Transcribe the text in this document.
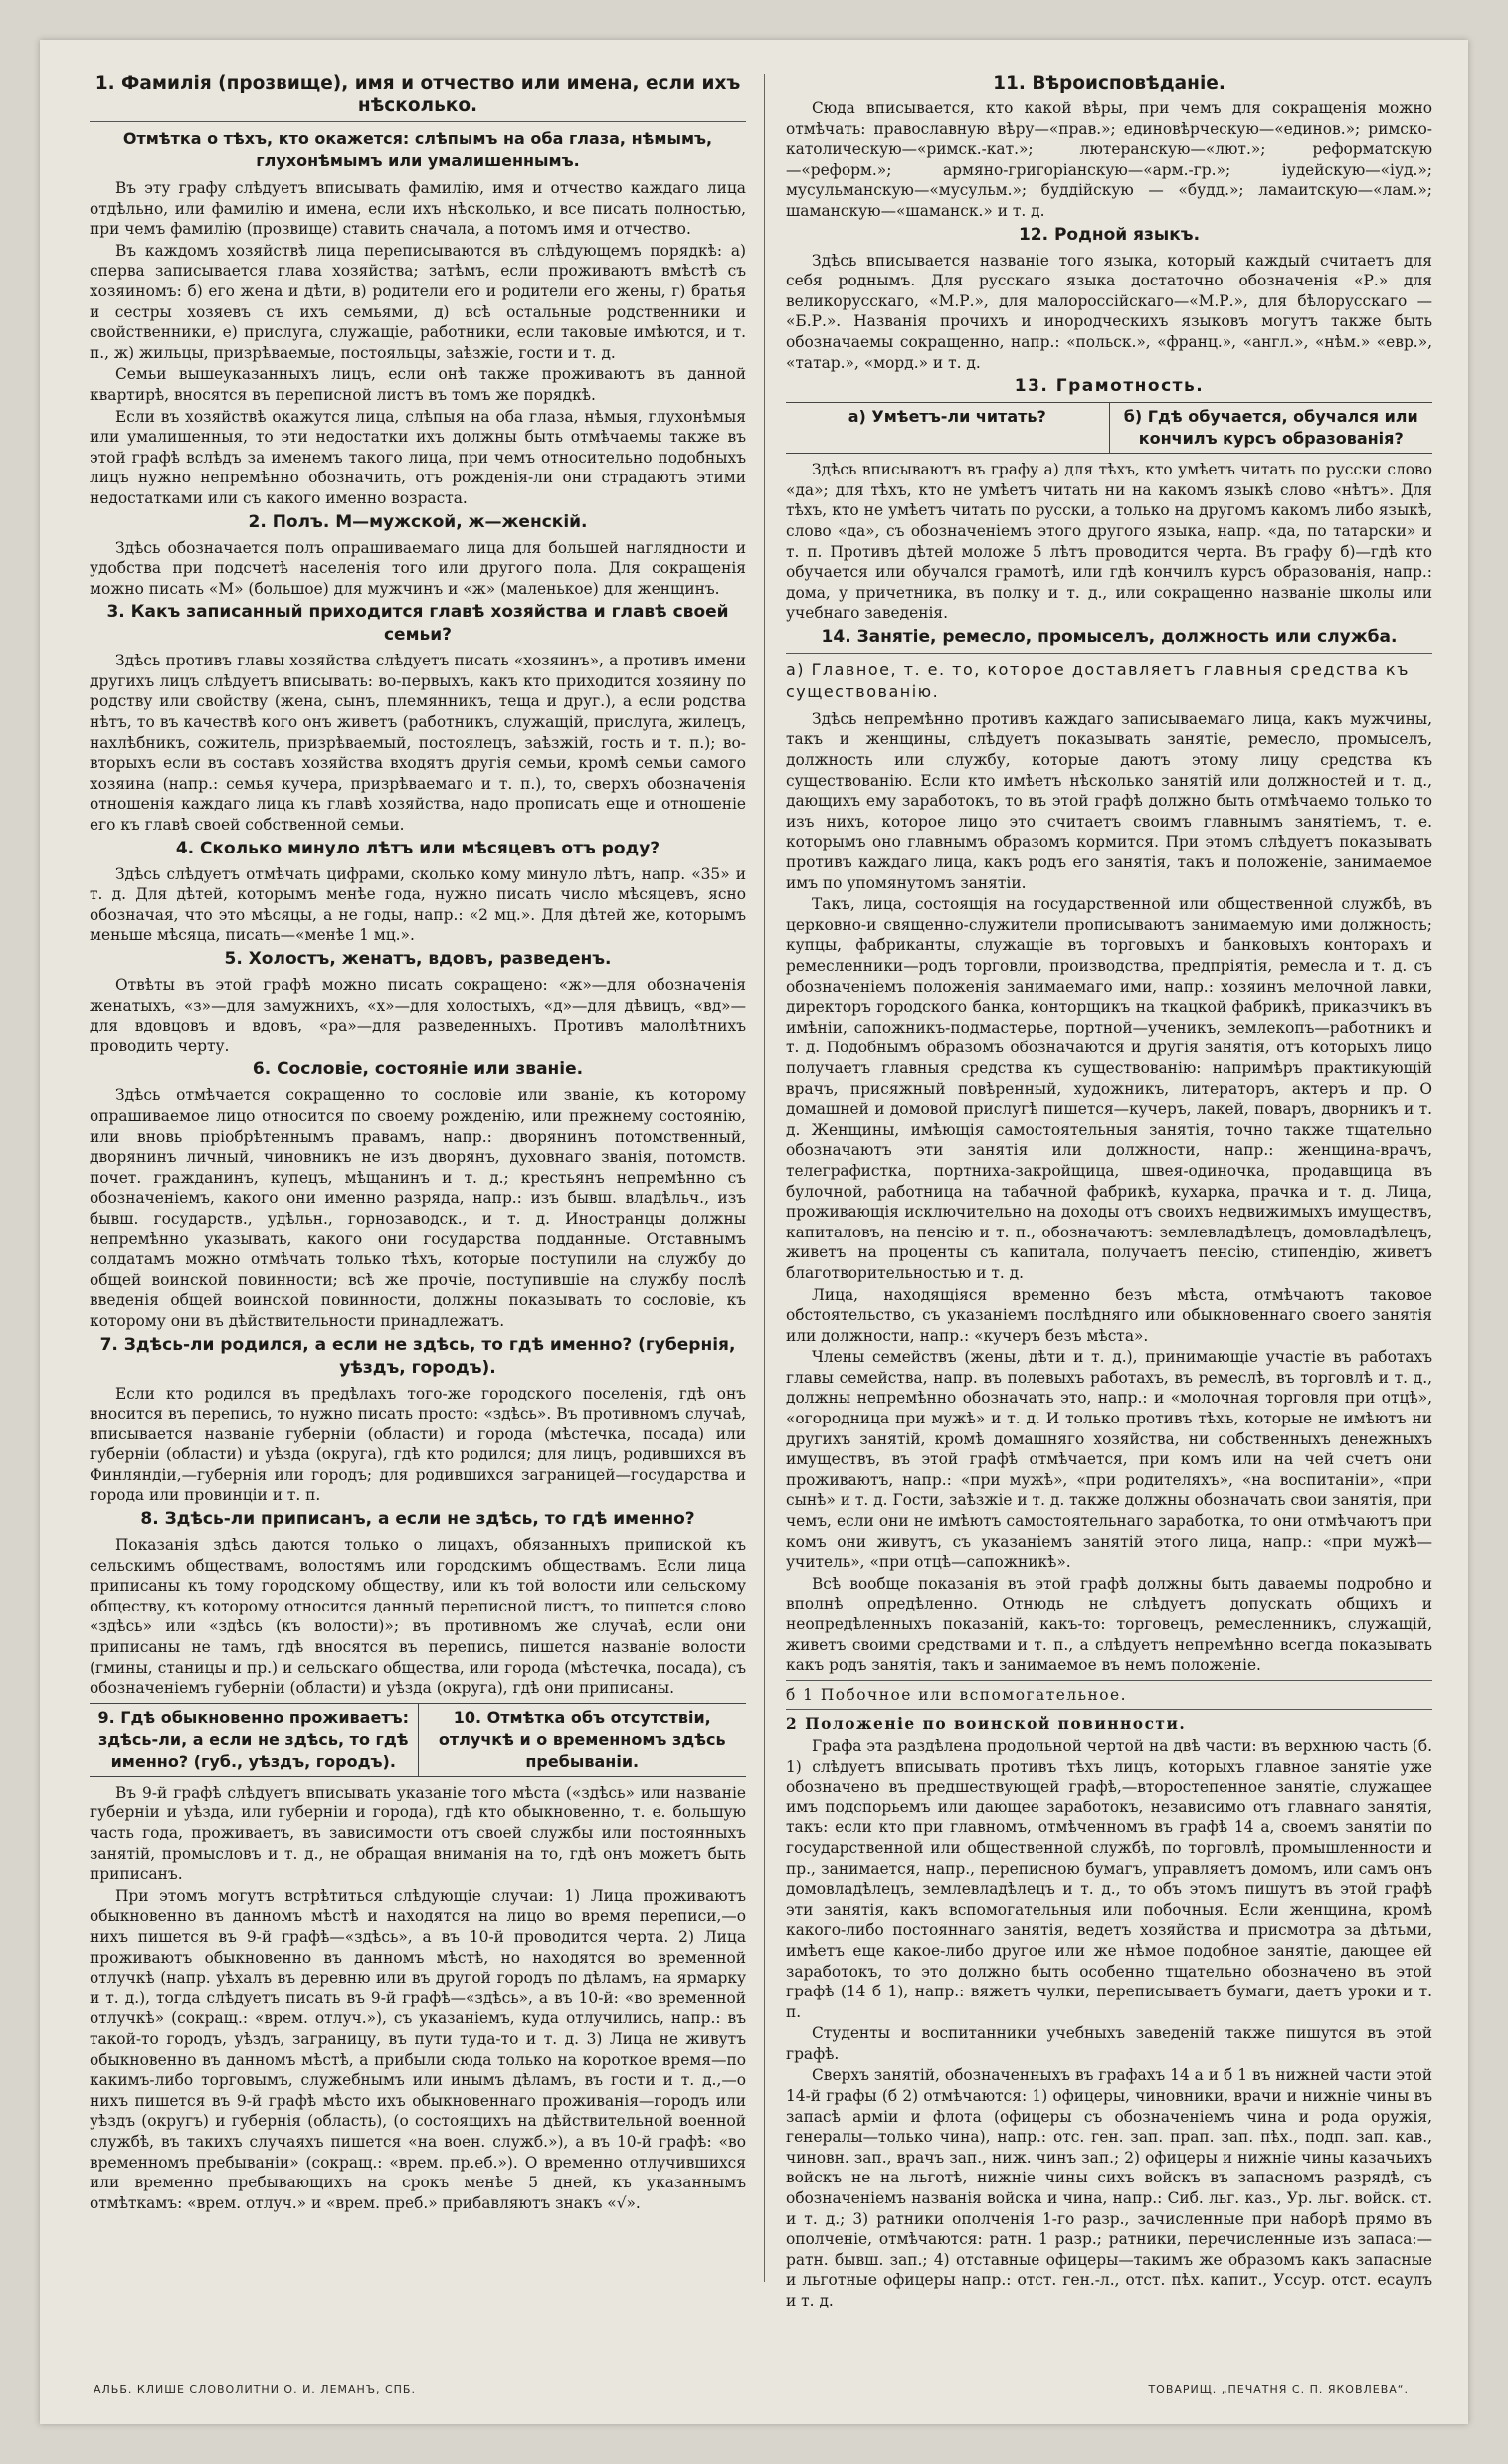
1. Фамилія (прозвище), имя и отчество или имена, если ихъ нѣсколько.
Отмѣтка о тѣхъ, кто окажется: слѣпымъ на оба глаза, нѣмымъ, глухонѣмымъ или умалишеннымъ.

Въ эту графу слѣдуетъ вписывать фамилію, имя и отчество каждаго лица отдѣльно, или фамилію и имена, если ихъ нѣсколько, и все писать полностью, при чемъ фамилію (прозвище) ставить сначала, а потомъ имя и отчество.

Въ каждомъ хозяйствѣ лица переписываются въ слѣдующемъ порядкѣ: а) сперва записывается глава хозяйства; затѣмъ, если проживаютъ вмѣстѣ съ хозяиномъ: б) его жена и дѣти, в) родители его и родители его жены, г) братья и сестры хозяевъ съ ихъ семьями, д) всѣ остальные родственники и свойственники, е) прислуга, служащіе, работники, если таковые имѣются, и т. п., ж) жильцы, призрѣваемые, постояльцы, заѣзжіе, гости и т. д.

Семьи вышеуказанныхъ лицъ, если онѣ также проживаютъ въ данной квартирѣ, вносятся въ переписной листъ въ томъ же порядкѣ.

Если въ хозяйствѣ окажутся лица, слѣпыя на оба глаза, нѣмыя, глухонѣмыя или умалишенныя, то эти недостатки ихъ должны быть отмѣчаемы также въ этой графѣ вслѣдъ за именемъ такого лица, при чемъ относительно подобныхъ лицъ нужно непремѣнно обозначить, отъ рожденія-ли они страдаютъ этими недостатками или съ какого именно возраста.

2. Полъ. М—мужской, ж—женскій.

Здѣсь обозначается полъ опрашиваемаго лица для большей наглядности и удобства при подсчетѣ населенія того или другого пола. Для сокращенія можно писать «М» (большое) для мужчинъ и «ж» (маленькое) для женщинъ.

3. Какъ записанный приходится главѣ хозяйства и главѣ своей семьи?

Здѣсь противъ главы хозяйства слѣдуетъ писать «хозяинъ», а противъ имени другихъ лицъ слѣдуетъ вписывать: во-первыхъ, какъ кто приходится хозяину по родству или свойству (жена, сынъ, племянникъ, теща и друг.), а если родства нѣтъ, то въ качествѣ кого онъ живетъ (работникъ, служащій, прислуга, жилецъ, нахлѣбникъ, сожитель, призрѣваемый, постоялецъ, заѣзжій, гость и т. п.); во-вторыхъ если въ составъ хозяйства входятъ другія семьи, кромѣ семьи самого хозяина (напр.: семья кучера, призрѣваемаго и т. п.), то, сверхъ обозначенія отношенія каждаго лица къ главѣ хозяйства, надо прописать еще и отношеніе его къ главѣ своей собственной семьи.

4. Сколько минуло лѣтъ или мѣсяцевъ отъ роду?

Здѣсь слѣдуетъ отмѣчать цифрами, сколько кому минуло лѣтъ, напр. «35» и т. д. Для дѣтей, которымъ менѣе года, нужно писать число мѣсяцевъ, ясно обозначая, что это мѣсяцы, а не годы, напр.: «2 мц.». Для дѣтей же, которымъ меньше мѣсяца, писать—«менѣе 1 мц.».

5. Холостъ, женатъ, вдовъ, разведенъ.

Отвѣты въ этой графѣ можно писать сокращено: «ж»—для обозначенія женатыхъ, «з»—для замужнихъ, «х»—для холостыхъ, «д»—для дѣвицъ, «вд»—для вдовцовъ и вдовъ, «ра»—для разведенныхъ. Противъ малолѣтнихъ проводить черту.

6. Сословіе, состояніе или званіе.

Здѣсь отмѣчается сокращенно то сословіе или званіе, къ которому опрашиваемое лицо относится по своему рожденію, или прежнему состоянію, или вновь пріобрѣтеннымъ правамъ, напр.: дворянинъ потомственный, дворянинъ личный, чиновникъ не изъ дворянъ, духовнаго званія, потомств. почет. гражданинъ, купецъ, мѣщанинъ и т. д.; крестьянъ непремѣнно съ обозначеніемъ, какого они именно разряда, напр.: изъ бывш. владѣльч., изъ бывш. государств., удѣльн., горнозаводск., и т. д. Иностранцы должны непремѣнно указывать, какого они государства подданные. Отставнымъ солдатамъ можно отмѣчать только тѣхъ, которые поступили на службу до общей воинской повинности; всѣ же прочіе, поступившіе на службу послѣ введенія общей воинской повинности, должны показывать то сословіе, къ которому они въ дѣйствительности принадлежатъ.

7. Здѣсь-ли родился, а если не здѣсь, то гдѣ именно? (губернія, уѣздъ, городъ).

Если кто родился въ предѣлахъ того-же городского поселенія, гдѣ онъ вносится въ перепись, то нужно писать просто: «здѣсь». Въ противномъ случаѣ, вписывается названіе губерніи (области) и города (мѣстечка, посада) или губерніи (области) и уѣзда (округа), гдѣ кто родился; для лицъ, родившихся въ Финляндіи,—губернія или городъ; для родившихся заграницей—государства и города или провинціи и т. п.

8. Здѣсь-ли приписанъ, а если не здѣсь, то гдѣ именно?

Показанія здѣсь даются только о лицахъ, обязанныхъ припиской къ сельскимъ обществамъ, волостямъ или городскимъ обществамъ. Если лица приписаны къ тому городскому обществу, или къ той волости или сельскому обществу, къ которому относится данный переписной листъ, то пишется слово «здѣсь» или «здѣсь (къ волости)»; въ противномъ же случаѣ, если они приписаны не тамъ, гдѣ вносятся въ перепись, пишется названіе волости (гмины, станицы и пр.) и сельскаго общества, или города (мѣстечка, посада), съ обозначеніемъ губерніи (области) и уѣзда (округа), гдѣ они приписаны.

9. Гдѣ обыкновенно проживаетъ: здѣсь-ли, а если не здѣсь, то гдѣ именно? (губ., уѣздъ, городъ).
10. Отмѣтка объ отсутствіи, отлучкѣ и о временномъ здѣсь пребываніи.

Въ 9-й графѣ слѣдуетъ вписывать указаніе того мѣста («здѣсь» или названіе губерніи и уѣзда, или губерніи и города), гдѣ кто обыкновенно, т. е. большую часть года, проживаетъ, въ зависимости отъ своей службы или постоянныхъ занятій, промысловъ и т. д., не обращая вниманія на то, гдѣ онъ можетъ быть приписанъ.

При этомъ могутъ встрѣтиться слѣдующіе случаи: 1) Лица проживаютъ обыкновенно въ данномъ мѣстѣ и находятся на лицо во время переписи,—о нихъ пишется въ 9-й графѣ—«здѣсь», а въ 10-й проводится черта. 2) Лица проживаютъ обыкновенно въ данномъ мѣстѣ, но находятся во временной отлучкѣ (напр. уѣхалъ въ деревню или въ другой городъ по дѣламъ, на ярмарку и т. д.), тогда слѣдуетъ писать въ 9-й графѣ—«здѣсь», а въ 10-й: «во временной отлучкѣ» (сокращ.: «врем. отлуч.»), съ указаніемъ, куда отлучились, напр.: въ такой-то городъ, уѣздъ, заграницу, въ пути туда-то и т. д. 3) Лица не живутъ обыкновенно въ данномъ мѣстѣ, а прибыли сюда только на короткое время—по какимъ-либо торговымъ, служебнымъ или инымъ дѣламъ, въ гости и т. д.,—о нихъ пишется въ 9-й графѣ мѣсто ихъ обыкновеннаго проживанія—городъ или уѣздъ (округъ) и губернія (область), (о состоящихъ на дѣйствительной военной службѣ, въ такихъ случаяхъ пишется «на воен. служб.»), а въ 10-й графѣ: «во временномъ пребываніи» (сокращ.: «врем. пр.еб.»). О временно отлучившихся или временно пребывающихъ на срокъ менѣе 5 дней, къ указаннымъ отмѣткамъ: «врем. отлуч.» и «врем. преб.» прибавляютъ знакъ «√».

11. Вѣроисповѣданіе.

Сюда вписывается, кто какой вѣры, при чемъ для сокращенія можно отмѣчать: православную вѣру—«прав.»; единовѣрческую—«единов.»; римско-католическую—«римск.-кат.»; лютеранскую—«лют.»; реформатскую—«реформ.»; армяно-григоріанскую—«арм.-гр.»; іудейскую—«іуд.»; мусульманскую—«мусульм.»; буддійскую — «будд.»; ламаитскую—«лам.»; шаманскую—«шаманск.» и т. д.

12. Родной языкъ.

Здѣсь вписывается названіе того языка, который каждый считаетъ для себя роднымъ. Для русскаго языка достаточно обозначенія «Р.» для великорусскаго, «М.Р.», для малороссійскаго—«М.Р.», для бѣлорусскаго — «Б.Р.». Названія прочихъ и инородческихъ языковъ могутъ также быть обозначаемы сокращенно, напр.: «польск.», «франц.», «англ.», «нѣм.» «евр.», «татар.», «морд.» и т. д.

13. Грамотность.
а) Умѣетъ-ли читать?	б) Гдѣ обучается, обучался или кончилъ курсъ образованія?

Здѣсь вписываютъ въ графу а) для тѣхъ, кто умѣетъ читать по русски слово «да»; для тѣхъ, кто не умѣетъ читать ни на какомъ языкѣ слово «нѣтъ». Для тѣхъ, кто не умѣетъ читать по русски, а только на другомъ какомъ либо языкѣ, слово «да», съ обозначеніемъ этого другого языка, напр. «да, по татарски» и т. п. Противъ дѣтей моложе 5 лѣтъ проводится черта. Въ графу б)—гдѣ кто обучается или обучался грамотѣ, или гдѣ кончилъ курсъ образованія, напр.: дома, у причетника, въ полку и т. д., или сокращенно названіе школы или учебнаго заведенія.

14. Занятіе, ремесло, промыселъ, должность или служба.
а) Главное, т. е. то, которое доставляетъ главныя средства къ существованію.

Здѣсь непремѣнно противъ каждаго записываемаго лица, какъ мужчины, такъ и женщины, слѣдуетъ показывать занятіе, ремесло, промыселъ, должность или службу, которые даютъ этому лицу средства къ существованію. Если кто имѣетъ нѣсколько занятій или должностей и т. д., дающихъ ему заработокъ, то въ этой графѣ должно быть отмѣчаемо только то изъ нихъ, которое лицо это считаетъ своимъ главнымъ занятіемъ, т. е. которымъ оно главнымъ образомъ кормится. При этомъ слѣдуетъ показывать противъ каждаго лица, какъ родъ его занятія, такъ и положеніе, занимаемое имъ по упомянутомъ занятіи.

Такъ, лица, состоящія на государственной или общественной службѣ, въ церковно-и священно-служители прописываютъ занимаемую ими должность; купцы, фабриканты, служащіе въ торговыхъ и банковыхъ конторахъ и ремесленники—родъ торговли, производства, предпріятія, ремесла и т. д. съ обозначеніемъ положенія занимаемаго ими, напр.: хозяинъ мелочной лавки, директоръ городского банка, конторщикъ на ткацкой фабрикѣ, приказчикъ въ имѣніи, сапожникъ-подмастерье, портной—ученикъ, землекопъ—работникъ и т. д. Подобнымъ образомъ обозначаются и другія занятія, отъ которыхъ лицо получаетъ главныя средства къ существованію: напримѣръ практикующій врачъ, присяжный повѣренный, художникъ, литераторъ, актеръ и пр. О домашней и домовой прислугѣ пишется—кучеръ, лакей, поваръ, дворникъ и т. д. Женщины, имѣющія самостоятельныя занятія, точно также тщательно обозначаютъ эти занятія или должности, напр.: женщина-врачъ, телеграфистка, портниха-закройщица, швея-одиночка, продавщица въ булочной, работница на табачной фабрикѣ, кухарка, прачка и т. д. Лица, проживающія исключительно на доходы отъ своихъ недвижимыхъ имуществъ, капиталовъ, на пенсію и т. п., обозначаютъ: землевладѣлецъ, домовладѣлецъ, живетъ на проценты съ капитала, получаетъ пенсію, стипендію, живетъ благотворительностью и т. д.

Лица, находящіяся временно безъ мѣста, отмѣчаютъ таковое обстоятельство, съ указаніемъ послѣдняго или обыкновеннаго своего занятія или должности, напр.: «кучеръ безъ мѣста».

Члены семействъ (жены, дѣти и т. д.), принимающіе участіе въ работахъ главы семейства, напр. въ полевыхъ работахъ, въ ремеслѣ, въ торговлѣ и т. д., должны непремѣнно обозначать это, напр.: и «молочная торговля при отцѣ», «огородница при мужѣ» и т. д. И только противъ тѣхъ, которые не имѣютъ ни другихъ занятій, кромѣ домашняго хозяйства, ни собственныхъ денежныхъ имуществъ, въ этой графѣ отмѣчается, при комъ или на чей счетъ они проживаютъ, напр.: «при мужѣ», «при родителяхъ», «на воспитаніи», «при сынѣ» и т. д. Гости, заѣзжіе и т. д. также должны обозначать свои занятія, при чемъ, если они не имѣютъ самостоятельнаго заработка, то они отмѣчаютъ при комъ они живутъ, съ указаніемъ занятій этого лица, напр.: «при мужѣ—учитель», «при отцѣ—сапожникѣ».

Всѣ вообще показанія въ этой графѣ должны быть даваемы подробно и вполнѣ опредѣленно. Отнюдь не слѣдуетъ допускать общихъ и неопредѣленныхъ показаній, какъ-то: торговецъ, ремесленникъ, служащій, живетъ своими средствами и т. п., а слѣдуетъ непремѣнно всегда показывать какъ родъ занятія, такъ и занимаемое въ немъ положеніе.

б 1 Побочное или вспомогательное.

2 Положеніе по воинской повинности.

Графа эта раздѣлена продольной чертой на двѣ части: въ верхнюю часть (б. 1) слѣдуетъ вписывать противъ тѣхъ лицъ, которыхъ главное занятіе уже обозначено въ предшествующей графѣ,—второстепенное занятіе, служащее имъ подспорьемъ или дающее заработокъ, независимо отъ главнаго занятія, такъ: если кто при главномъ, отмѣченномъ въ графѣ 14 а, своемъ занятіи по государственной или общественной службѣ, по торговлѣ, промышленности и пр., занимается, напр., переписною бумагъ, управляетъ домомъ, или самъ онъ домовладѣлецъ, землевладѣлецъ и т. д., то объ этомъ пишутъ въ этой графѣ эти занятія, какъ вспомогательныя или побочныя. Если женщина, кромѣ какого-либо постояннаго занятія, ведетъ хозяйства и присмотра за дѣтьми, имѣетъ еще какое-либо другое или же нѣмое подобное занятіе, дающее ей заработокъ, то это должно быть особенно тщательно обозначено въ этой графѣ (14 б 1), напр.: вяжетъ чулки, переписываетъ бумаги, даетъ уроки и т. п.

Студенты и воспитанники учебныхъ заведеній также пишутся въ этой графѣ.

Сверхъ занятій, обозначенныхъ въ графахъ 14 а и б 1 въ нижней части этой 14-й графы (б 2) отмѣчаются: 1) офицеры, чиновники, врачи и нижніе чины въ запасѣ арміи и флота (офицеры съ обозначеніемъ чина и рода оружія, генералы—только чина), напр.: отс. ген. зап. прап. зап. пѣх., подп. зап. кав., чиновн. зап., врачъ зап., ниж. чинъ зап.; 2) офицеры и нижніе чины казачьихъ войскъ не на льготѣ, нижніе чины сихъ войскъ въ запасномъ разрядѣ, съ обозначеніемъ названія войска и чина, напр.: Сиб. льг. каз., Ур. льг. войск. ст. и т. д.; 3) ратники ополченія 1-го разр., зачисленные при наборѣ прямо въ ополченіе, отмѣчаются: ратн. 1 разр.; ратники, перечисленные изъ запаса:—ратн. бывш. зап.; 4) отставные офицеры—такимъ же образомъ какъ запасные и льготные офицеры напр.: отст. ген.-л., отст. пѣх. капит., Уссур. отст. есаулъ и т. д.

АЛЬБ. КЛИШЕ СЛОВОЛИТНИ О. И. ЛЕМАНЪ, СПБ.	ТОВАРИЩ. „ПЕЧАТНЯ С. П. ЯКОВЛЕВА“.
